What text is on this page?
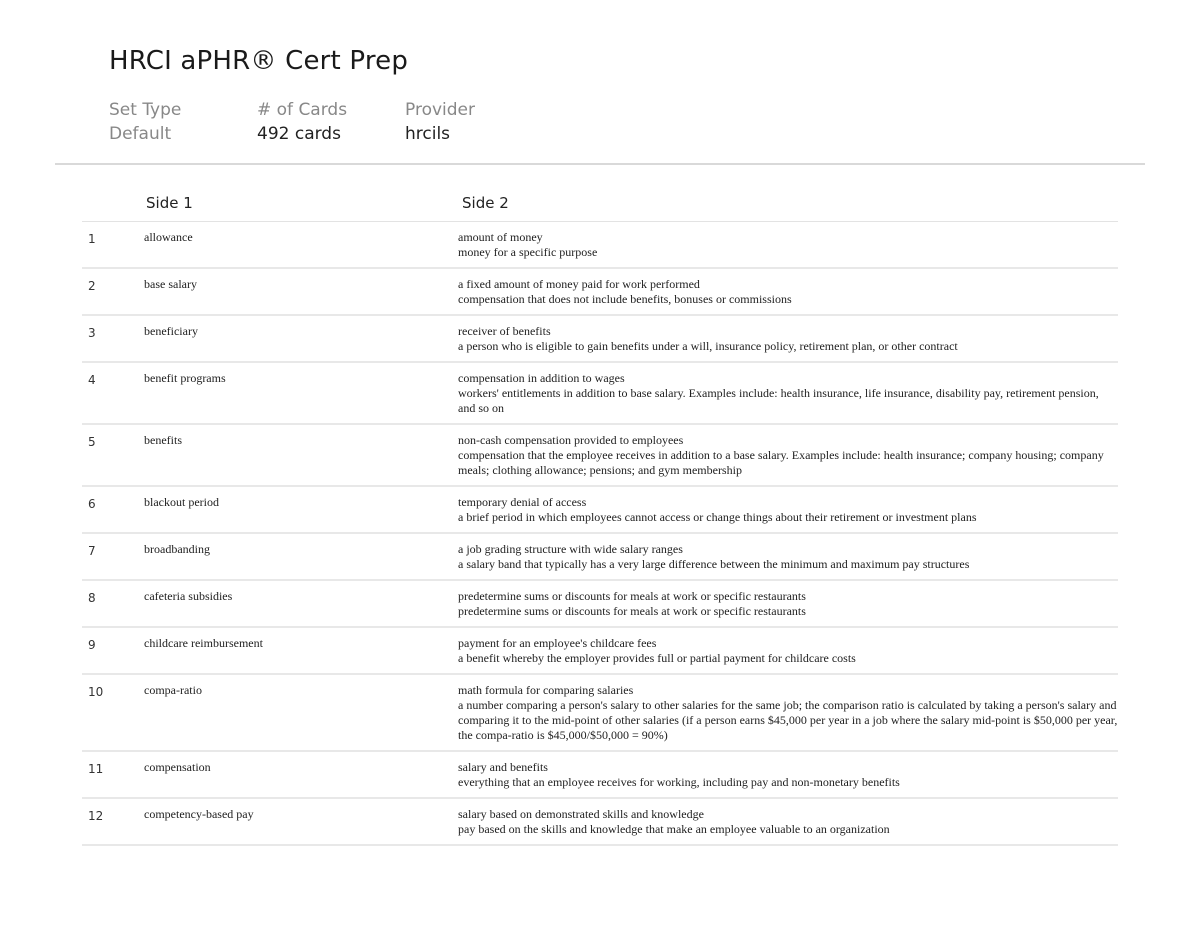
HRCI aPHR® Cert Prep
Set Type
Default
# of Cards
492 cards
Provider
hrcils
Side 1	Side 2
1	allowance	amount of money
money for a specific purpose
2	base salary	a fixed amount of money paid for work performed
compensation that does not include benefits, bonuses or commissions
3	beneficiary	receiver of benefits
a person who is eligible to gain benefits under a will, insurance policy, retirement plan, or other contract
4	benefit programs	compensation in addition to wages
workers' entitlements in addition to base salary. Examples include: health insurance, life insurance, disability pay, retirement pension, and so on
5	benefits	non-cash compensation provided to employees
compensation that the employee receives in addition to a base salary. Examples include: health insurance; company housing; company meals; clothing allowance; pensions; and gym membership
6	blackout period	temporary denial of access
a brief period in which employees cannot access or change things about their retirement or investment plans
7	broadbanding	a job grading structure with wide salary ranges
a salary band that typically has a very large difference between the minimum and maximum pay structures
8	cafeteria subsidies	predetermine sums or discounts for meals at work or specific restaurants
predetermine sums or discounts for meals at work or specific restaurants
9	childcare reimbursement	payment for an employee's childcare fees
a benefit whereby the employer provides full or partial payment for childcare costs
10	compa-ratio	math formula for comparing salaries
a number comparing a person's salary to other salaries for the same job; the comparison ratio is calculated by taking a person's salary and comparing it to the mid-point of other salaries (if a person earns $45,000 per year in a job where the salary mid-point is $50,000 per year, the compa-ratio is $45,000/$50,000 = 90%)
11	compensation	salary and benefits
everything that an employee receives for working, including pay and non-monetary benefits
12	competency-based pay	salary based on demonstrated skills and knowledge
pay based on the skills and knowledge that make an employee valuable to an organization
